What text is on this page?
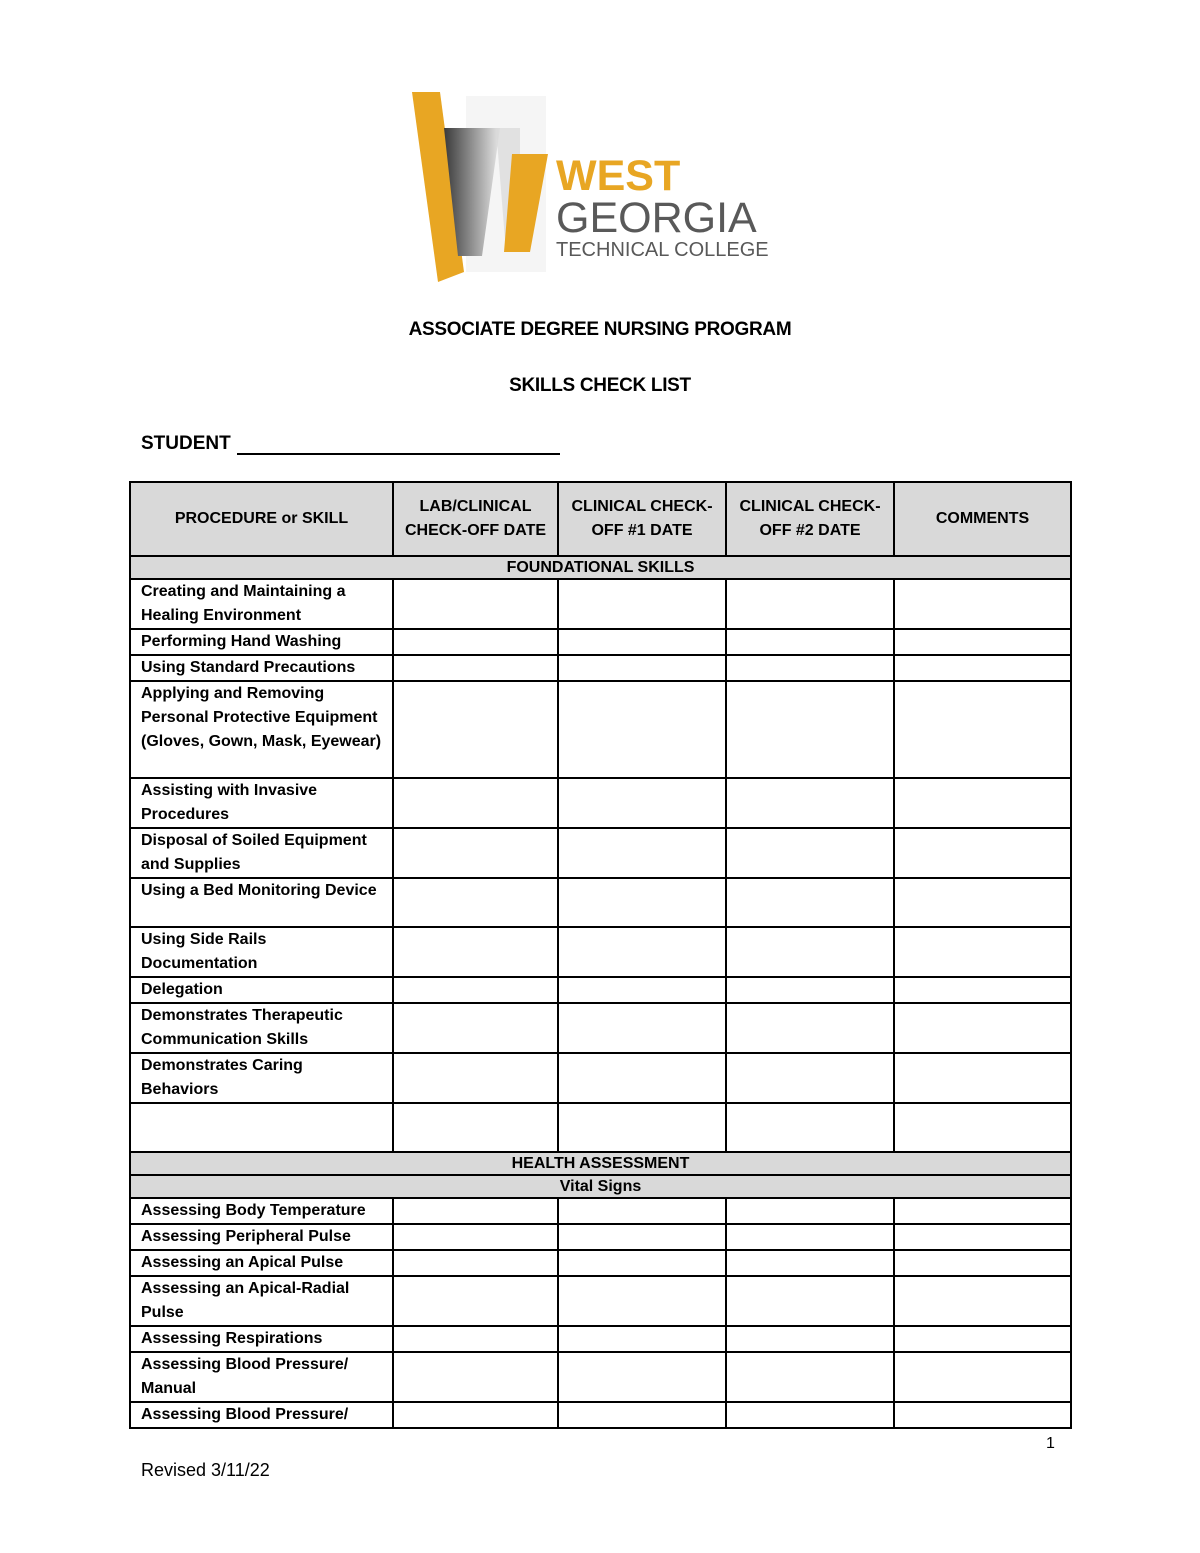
WEST
GEORGIA
TECHNICAL COLLEGE
ASSOCIATE DEGREE NURSING PROGRAM
SKILLS CHECK LIST
STUDENT
PROCEDURE or SKILL	LAB/CLINICAL CHECK-OFF DATE	CLINICAL CHECK-OFF #1 DATE	CLINICAL CHECK-OFF #2 DATE	COMMENTS
FOUNDATIONAL SKILLS				
Creating and Maintaining a Healing Environment				
Performing Hand Washing				
Using Standard Precautions				
Applying and Removing Personal Protective Equipment (Gloves, Gown, Mask, Eyewear)				
Assisting with Invasive Procedures				
Disposal of Soiled Equipment and Supplies				
Using a Bed Monitoring Device				
Using Side Rails Documentation				
Delegation				
Demonstrates Therapeutic Communication Skills				
Demonstrates Caring Behaviors				

HEALTH ASSESSMENT				
Vital Signs				
Assessing Body Temperature				
Assessing Peripheral Pulse				
Assessing an Apical Pulse				
Assessing an Apical-Radial Pulse				
Assessing Respirations				
Assessing Blood Pressure/ Manual				
Assessing Blood Pressure/				
1
Revised 3/11/22
